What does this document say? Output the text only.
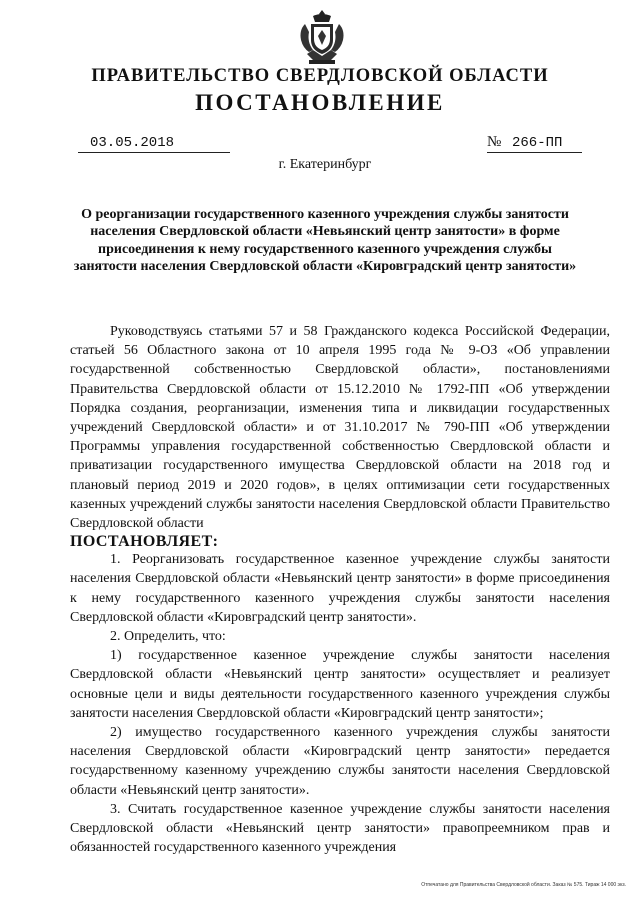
ПРАВИТЕЛЬСТВО СВЕРДЛОВСКОЙ ОБЛАСТИ
ПОСТАНОВЛЕНИЕ
03.05.2018	№ 266-ПП
г. Екатеринбург
О реорганизации государственного казенного учреждения службы занятости населения Свердловской области «Невьянский центр занятости» в форме присоединения к нему государственного казенного учреждения службы занятости населения Свердловской области «Кировградский центр занятости»

Руководствуясь статьями 57 и 58 Гражданского кодекса Российской Федерации, статьей 56 Областного закона от 10 апреля 1995 года № 9-ОЗ «Об управлении государственной собственностью Свердловской области», постановлениями Правительства Свердловской области от 15.12.2010 № 1792-ПП «Об утверждении Порядка создания, реорганизации, изменения типа и ликвидации государственных учреждений Свердловской области» и от 31.10.2017 № 790-ПП «Об утверждении Программы управления государственной собственностью Свердловской области и приватизации государственного имущества Свердловской области на 2018 год и плановый период 2019 и 2020 годов», в целях оптимизации сети государственных казенных учреждений службы занятости населения Свердловской области Правительство Свердловской области

ПОСТАНОВЛЯЕТ:

1. Реорганизовать государственное казенное учреждение службы занятости населения Свердловской области «Невьянский центр занятости» в форме присоединения к нему государственного казенного учреждения службы занятости населения Свердловской области «Кировградский центр занятости».

2. Определить, что:

1) государственное казенное учреждение службы занятости населения Свердловской области «Невьянский центр занятости» осуществляет и реализует основные цели и виды деятельности государственного казенного учреждения службы занятости населения Свердловской области «Кировградский центр занятости»;

2) имущество государственного казенного учреждения службы занятости населения Свердловской области «Кировградский центр занятости» передается государственному казенному учреждению службы занятости населения Свердловской области «Невьянский центр занятости».

3. Считать государственное казенное учреждение службы занятости населения Свердловской области «Невьянский центр занятости» правопреемником прав и обязанностей государственного казенного учреждения

Отпечатано для Правительства Свердловской области. Заказ № 575. Тираж 14 000 экз.
